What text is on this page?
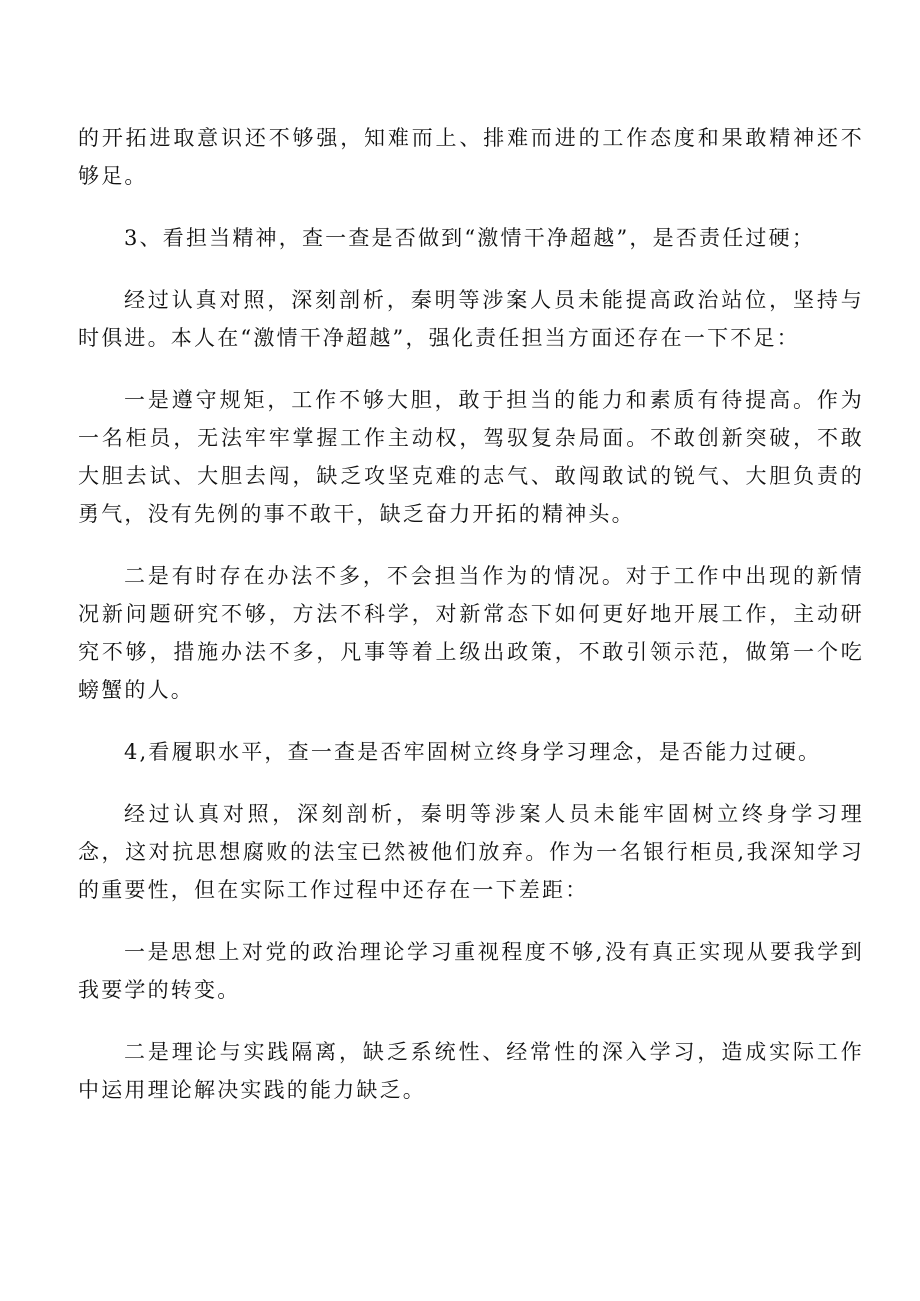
的开拓进取意识还不够强，知难而上、排难而进的工作态度和果敢精神还不够足。

3、看担当精神，查一查是否做到“激情干净超越”，是否责任过硬；

经过认真对照，深刻剖析，秦明等涉案人员未能提高政治站位，坚持与时俱进。本人在“激情干净超越”，强化责任担当方面还存在一下不足：

一是遵守规矩，工作不够大胆，敢于担当的能力和素质有待提高。作为一名柜员，无法牢牢掌握工作主动权，驾驭复杂局面。不敢创新突破，不敢大胆去试、大胆去闯，缺乏攻坚克难的志气、敢闯敢试的锐气、大胆负责的勇气，没有先例的事不敢干，缺乏奋力开拓的精神头。

二是有时存在办法不多，不会担当作为的情况。对于工作中出现的新情况新问题研究不够，方法不科学，对新常态下如何更好地开展工作，主动研究不够，措施办法不多，凡事等着上级出政策，不敢引领示范，做第一个吃螃蟹的人。

4,看履职水平，查一查是否牢固树立终身学习理念，是否能力过硬。

经过认真对照，深刻剖析，秦明等涉案人员未能牢固树立终身学习理念，这对抗思想腐败的法宝已然被他们放弃。作为一名银行柜员,我深知学习的重要性，但在实际工作过程中还存在一下差距：

一是思想上对党的政治理论学习重视程度不够,没有真正实现从要我学到我要学的转变。

二是理论与实践隔离，缺乏系统性、经常性的深入学习，造成实际工作中运用理论解决实践的能力缺乏。
